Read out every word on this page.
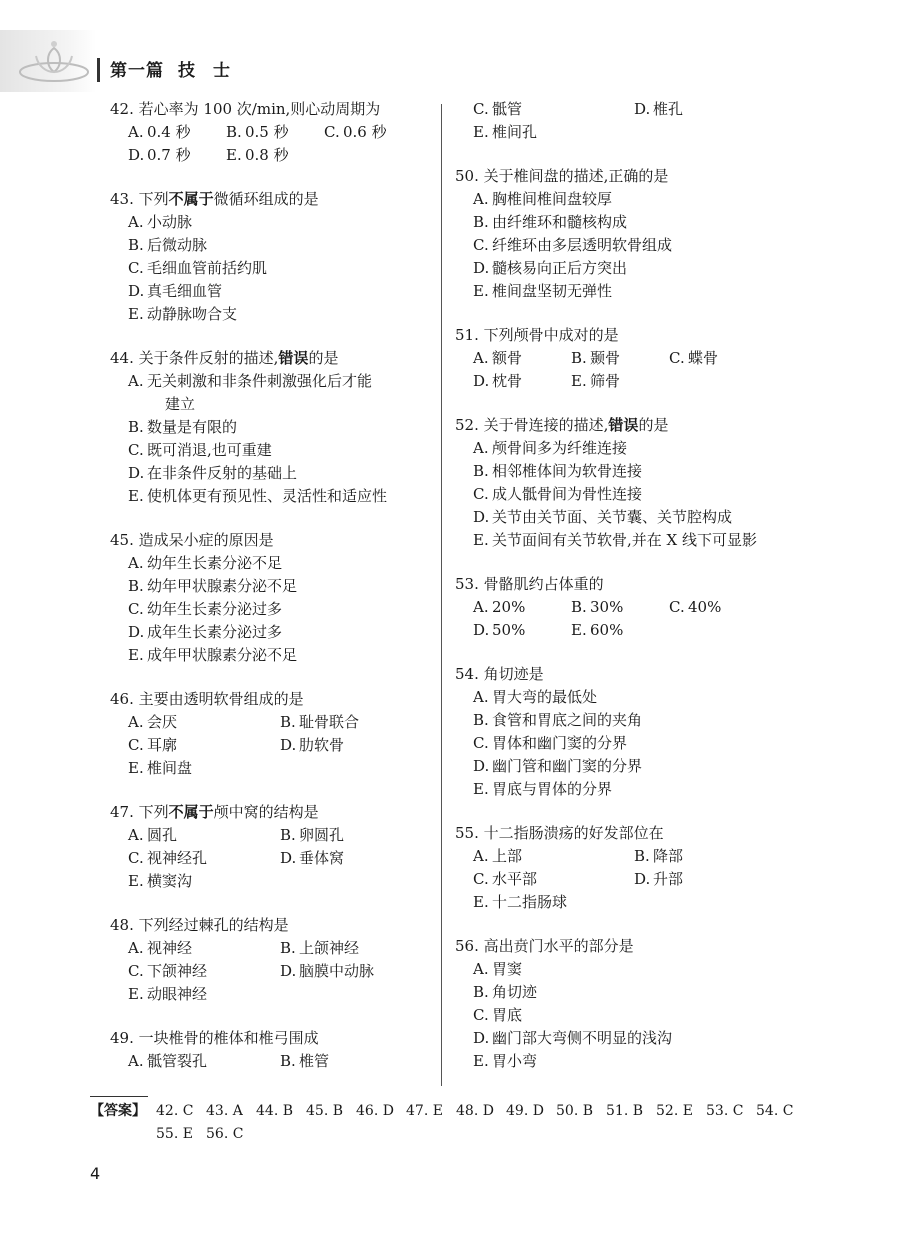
第一篇 技士
42. 若心率为 100 次/min,则心动周期为
A. 0.4 秒 B. 0.5 秒 C. 0.6 秒
D. 0.7 秒 E. 0.8 秒
43. 下列不属于微循环组成的是
A. 小动脉
B. 后微动脉
C. 毛细血管前括约肌
D. 真毛细血管
E. 动静脉吻合支
44. 关于条件反射的描述,错误的是
A. 无关刺激和非条件刺激强化后才能
建立
B. 数量是有限的
C. 既可消退,也可重建
D. 在非条件反射的基础上
E. 使机体更有预见性、灵活性和适应性
45. 造成呆小症的原因是
A. 幼年生长素分泌不足
B. 幼年甲状腺素分泌不足
C. 幼年生长素分泌过多
D. 成年生长素分泌过多
E. 成年甲状腺素分泌不足
46. 主要由透明软骨组成的是
A. 会厌	B. 耻骨联合
C. 耳廓	D. 肋软骨
E. 椎间盘
47. 下列不属于颅中窝的结构是
A. 圆孔	B. 卵圆孔
C. 视神经孔	D. 垂体窝
E. 横窦沟
48. 下列经过棘孔的结构是
A. 视神经	B. 上颌神经
C. 下颌神经	D. 脑膜中动脉
E. 动眼神经
49. 一块椎骨的椎体和椎弓围成
A. 骶管裂孔	B. 椎管
C. 骶管	D. 椎孔
E. 椎间孔
50. 关于椎间盘的描述,正确的是
A. 胸椎间椎间盘较厚
B. 由纤维环和髓核构成
C. 纤维环由多层透明软骨组成
D. 髓核易向正后方突出
E. 椎间盘坚韧无弹性
51. 下列颅骨中成对的是
A. 额骨	B. 颞骨	C. 蝶骨
D. 枕骨	E. 筛骨
52. 关于骨连接的描述,错误的是
A. 颅骨间多为纤维连接
B. 相邻椎体间为软骨连接
C. 成人骶骨间为骨性连接
D. 关节由关节面、关节囊、关节腔构成
E. 关节面间有关节软骨,并在 X 线下可显影
53. 骨骼肌约占体重的
A. 20%	B. 30%	C. 40%
D. 50%	E. 60%
54. 角切迹是
A. 胃大弯的最低处
B. 食管和胃底之间的夹角
C. 胃体和幽门窦的分界
D. 幽门管和幽门窦的分界
E. 胃底与胃体的分界
55. 十二指肠溃疡的好发部位在
A. 上部	B. 降部
C. 水平部	D. 升部
E. 十二指肠球
56. 高出贲门水平的部分是
A. 胃窦
B. 角切迹
C. 胃底
D. 幽门部大弯侧不明显的浅沟
E. 胃小弯
【答案】 42. C 43. A 44. B 45. B 46. D 47. E 48. D 49. D 50. B 51. B 52. E 53. C 54. C
55. E 56. C
4
